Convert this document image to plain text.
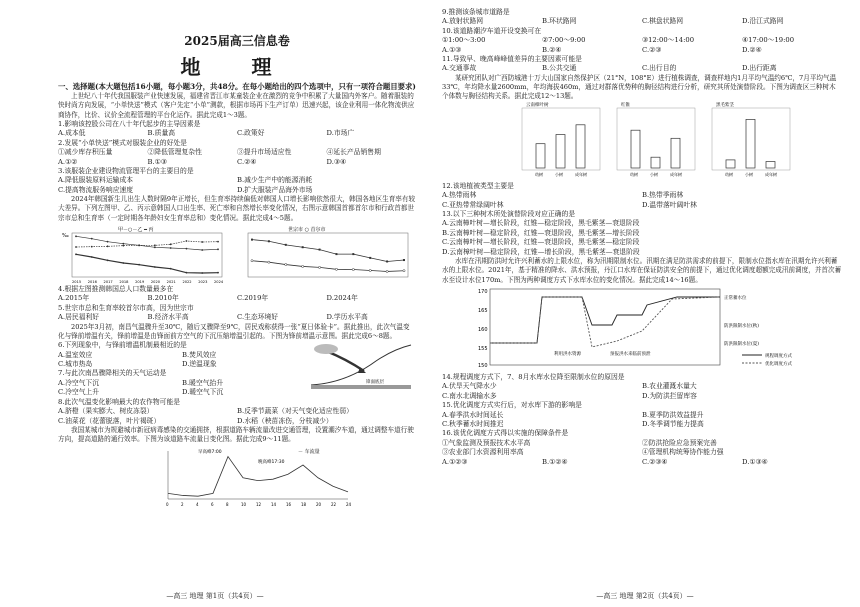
2025届高三信息卷
地 理
一、选择题(本大题包括16小题，每小题3分，共48分。在每小题给出的四个选项中，只有一项符合题目要求)
上世纪八十年代我国服装产业快速发展，福建省晋江市某童装企业在激烈的竞争中积累了大量国内外客户。随着服装的快时尚方向发展，“小单快送”模式（客户先定“小单”测款，根据市场再下生产订单）迅速兴起，该企业利用一体化物流供应商协作，比价、议价全流程管理的平台化运作。据此完成1～3题。
1.影响该控股公司在八十年代起步的主导因素是
A.成本低	B.质量高	C.政策好	D.市场广
2.发展“小单快送”模式对服装企业的好处是
①减少库存积压量	②降低管理复杂性	③提升市场适应性	④延长产品销售期
A.①②	B.①③	C.②④	D.③④
3.该服装企业建设物流管理平台的主要目的是
A.降低服装原料运输成本	B.减少生产中的能源消耗
C.提高物流服务响应速度	D.扩大服装产品海外市场
2024年韩国新生儿出生人数时隔9年正增长，但生育率持续偏低对韩国人口增长影响依然很大，韩国各地区生育率有较大差异。下列左图甲、乙、丙示意韩国人口出生率、死亡率和自然增长率变化情况，右图示意韩国首都首尔市和行政首都世宗市总和生育率（一定时期各年龄妇女生育率总和）变化情况。据此完成4～5题。
甲－○－乙 ━ 丙
‰
2015 2016 2017 2018 2019 2020 2021 2022 2023 2024
世宗市 ○ 首尔市
4.根据左图推测韩国总人口数量最多在
A.2015年	B.2010年	C.2019年	D.2024年
5.世宗市总和生育率较首尔市高，因为世宗市
A.居民福利好	B.经济水平高	C.生态环境好	D.学历水平高
2025年3月初，南昌气温骤升至30℃，随后又骤降至9℃，居民戏称获得一张“夏日体验卡”。据此推出，此次气温变化与锋前增温有关，锋前增温是由锋面前方空气的下沉压缩增温引起的。下图为锋前增温示意图。据此完成6～8题。
6.下列现象中，与锋前增温机制最相近的是
A.温室效应	B.焚风效应
C.城市热岛	D.逆温现象
7.与此次南昌骤降相关的天气运动是
A.冷空气下沉	B.暖空气抬升
C.冷空气上升	D.暖空气下沉
锋面底层
8.此次气温变化影响最大的农作物可能是
A.脐橙（果实膨大、树皮冻裂）	B.反季节蔬菜（对天气变化适应性弱）
C.油菜花（花蕾脱落，叶片褐斑）	D.水稻（秧苗冻伤，分枝减少）
我国某城市为规避城市新冠病毒感染的交通拥挤，根据道路车辆流量改进交通管理，设置潮汐车道，通过调整车道行驶方向，提高道路的通行效率。下图为该道路车流量日变化图。据此完成9～11题。
－ 车流量
0	2	4	6	8	10 12 14 16 18 20 22 24
早高峰7:00
晚高峰17:30
—高三 地理 第1页（共4页）—
9.推测该条城市道路是
A.放射状路网	B.环状路网	C.棋盘状路网	D.沿江式路网
10.该道路潮汐车道开设变换可在
①1:00～3:00	②7:00～9:00	③12:00～14:00	④17:00～19:00
A.①③	B.②④	C.②③	D.②④
11.导致早、晚高峰峰值差异的主要因素可能是
A.交通事故	B.公共交通	C.出行目的	D.出行距离
某研究团队对广西防城港十万大山国家自然保护区（21°N，108°E）进行植株调查，调查样地内1月平均气温约6℃，7月平均气温33℃，年均降水量2600mm，年均海拔460m，通过对群落优势种的胸径结构进行分析，研究其所处演替阶段。下图为调查区三种树木个体数与胸径结构关系。据此完成12～13题。
云南樟叶树
幼树	小树	成年树
红锥
幼树	小树	成年树
黑毛紫茎
幼树	小树	成年树
12.该地植被类型主要是
A.热带雨林	B.热带季雨林
C.亚热带常绿阔叶林	D.温带落叶阔叶林
13.以下三种树木所处演替阶段对应正确的是
A.云南樟叶树—增长阶段，红锥—稳定阶段，黑毛紫茎—衰退阶段
B.云南樟叶树—稳定阶段，红锥—衰退阶段，黑毛紫茎—增长阶段
C.云南樟叶树—增长阶段，红锥—衰退阶段，黑毛紫茎—稳定阶段
D.云南樟叶树—稳定阶段，红锥—增长阶段，黑毛紫茎—衰退阶段
水库在汛期防洪时允许兴利蓄水的上限水位，称为汛期限制水位。汛期在满足防洪需求的前提下，限制水位指水库在汛期允许兴利蓄水的上限水位。2021年，基于精准的降水、洪水预报，丹江口水库在保证防洪安全的前提下，通过优化调度超额完成汛前调度，并首次蓄水至设计水位170m。下图为两种调度方式下水库水位的变化情况。据此完成14～16题。
170
165
160
155
150
正常蓄水位
防洪限制水位(秋)
防洪限制水位(夏)
利用洪水资源	预报洪水来临前预泄	规程调度方式
优化调度方式
14.规程调度方式下，7、8月水库水位降至限制水位的原因是
A.伏旱天气降水少	B.农业灌溉水量大
C.南水北调输水多	D.为防洪拦留库容
15.优化调度方式实行后，对水库下游的影响是
A.春季洪水时间延长	B.夏季防洪效益提升
C.秋季蓄水时间推迟	D.冬季调节能力提高
16.该优化调度方式得以实施的保障条件是
①气象监测及预报技术水平高	②防洪抢险应急预案完善
③农业部门水资源利用率高	④管理机构统筹协作能力强
A.①②③	B.①②④	C.②③④	D.①③④
—高三 地理 第2页（共4页）—
